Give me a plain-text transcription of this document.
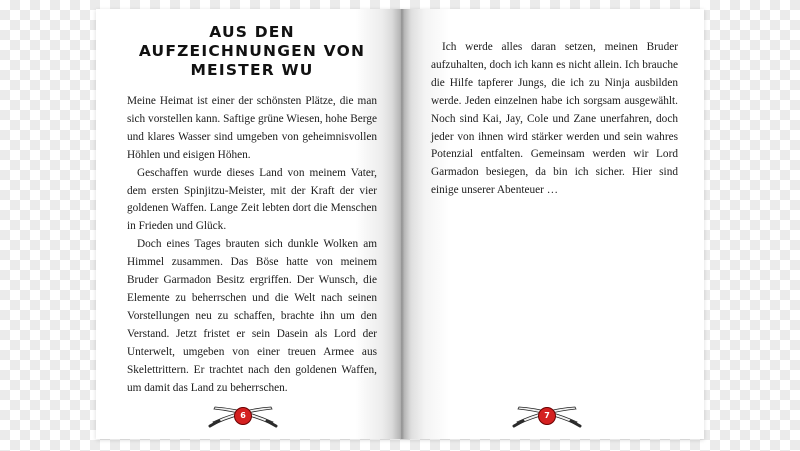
AUS DEN
AUFZEICHNUNGEN VON
MEISTER WU

Meine Heimat ist einer der schönsten Plätze, die man sich vorstellen kann. Saftige grüne Wiesen, hohe Berge und klares Wasser sind umgeben von geheimnisvollen Höhlen und eisigen Höhen.

Geschaffen wurde dieses Land von meinem Vater, dem ersten Spinjitzu-Meister, mit der Kraft der vier goldenen Waffen. Lange Zeit lebten dort die Menschen in Frieden und Glück.

Doch eines Tages brauten sich dunkle Wolken am Himmel zusammen. Das Böse hatte von meinem Bruder Garmadon Besitz ergriffen. Der Wunsch, die Elemente zu beherrschen und die Welt nach seinen Vorstellungen neu zu schaffen, brachte ihn um den Verstand. Jetzt fristet er sein Dasein als Lord der Unterwelt, umgeben von einer treuen Armee aus Skelettrittern. Er trachtet nach den goldenen Waffen, um damit das Land zu beherrschen.

6

Ich werde alles daran setzen, meinen Bruder aufzuhalten, doch ich kann es nicht allein. Ich brauche die Hilfe tapferer Jungs, die ich zu Ninja ausbilden werde. Jeden einzelnen habe ich sorgsam ausgewählt. Noch sind Kai, Jay, Cole und Zane unerfahren, doch jeder von ihnen wird stärker werden und sein wahres Potenzial entfalten. Gemeinsam werden wir Lord Garmadon besiegen, da bin ich sicher. Hier sind einige unserer Abenteuer …

7
